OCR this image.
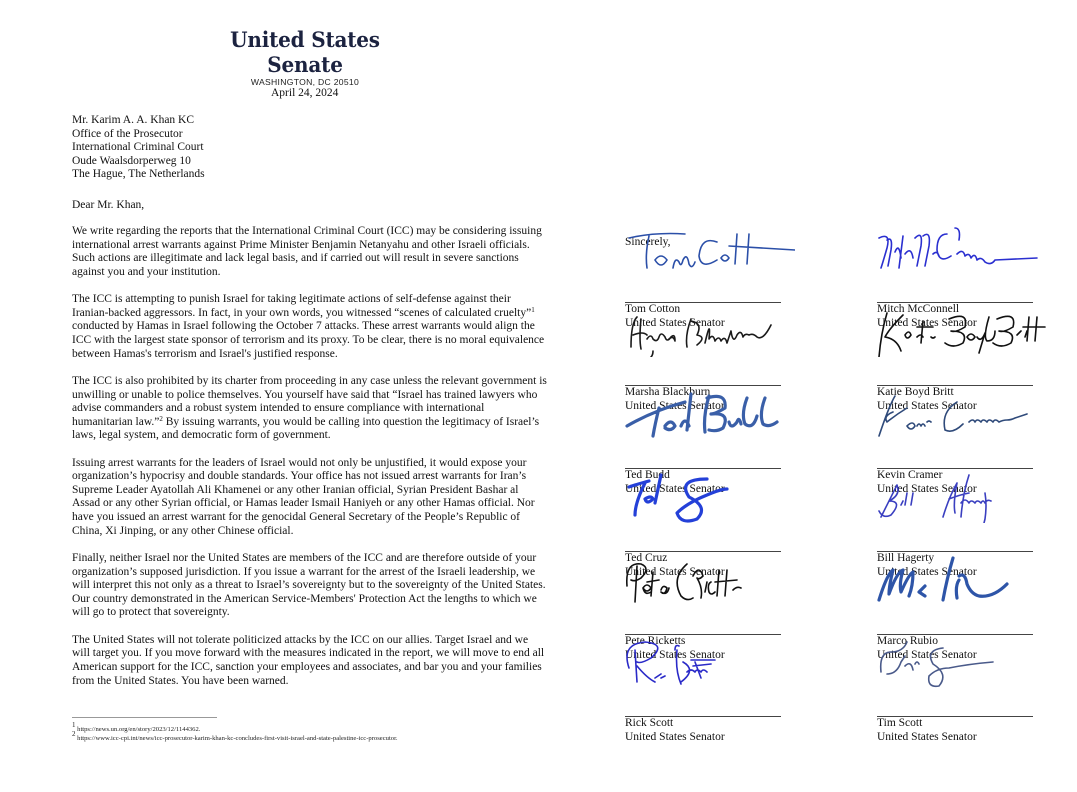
United States Senate
WASHINGTON, DC 20510
April 24, 2024
Mr. Karim A. A. Khan KC
Office of the Prosecutor
International Criminal Court
Oude Waalsdorperweg 10
The Hague, The Netherlands
Dear Mr. Khan,

We write regarding the reports that the International Criminal Court (ICC) may be considering issuing international arrest warrants against Prime Minister Benjamin Netanyahu and other Israeli officials. Such actions are illegitimate and lack legal basis, and if carried out will result in severe sanctions against you and your institution.

The ICC is attempting to punish Israel for taking legitimate actions of self-defense against their Iranian-backed aggressors. In fact, in your own words, you witnessed “scenes of calculated cruelty”$^1$ conducted by Hamas in Israel following the October 7 attacks. These arrest warrants would align the ICC with the largest state sponsor of terrorism and its proxy. To be clear, there is no moral equivalence between Hamas's terrorism and Israel's justified response.

The ICC is also prohibited by its charter from proceeding in any case unless the relevant government is unwilling or unable to police themselves. You yourself have said that “Israel has trained lawyers who advise commanders and a robust system intended to ensure compliance with international humanitarian law.”$^2$ By issuing warrants, you would be calling into question the legitimacy of Israel’s laws, legal system, and democratic form of government.

Issuing arrest warrants for the leaders of Israel would not only be unjustified, it would expose your organization’s hypocrisy and double standards. Your office has not issued arrest warrants for Iran’s Supreme Leader Ayatollah Ali Khamenei or any other Iranian official, Syrian President Bashar al Assad or any other Syrian official, or Hamas leader Ismail Haniyeh or any other Hamas official. Nor have you issued an arrest warrant for the genocidal General Secretary of the People’s Republic of China, Xi Jinping, or any other Chinese official.

Finally, neither Israel nor the United States are members of the ICC and are therefore outside of your organization’s supposed jurisdiction. If you issue a warrant for the arrest of the Israeli leadership, we will interpret this not only as a threat to Israel’s sovereignty but to the sovereignty of the United States. Our country demonstrated in the American Service-Members' Protection Act the lengths to which we will go to protect that sovereignty.

The United States will not tolerate politicized attacks by the ICC on our allies. Target Israel and we will target you. If you move forward with the measures indicated in the report, we will move to end all American support for the ICC, sanction your employees and associates, and bar you and your families from the United States. You have been warned.

$^1$ https://news.un.org/en/story/2023/12/1144362.
$^2$ https://www.icc-cpi.int/news/icc-prosecutor-karim-khan-kc-concludes-first-visit-israel-and-state-palestine-icc-prosecutor.
Sincerely,
Tom Cotton
United States Senator
Mitch McConnell
United States Senator
Marsha Blackburn
United States Senator
Katie Boyd Britt
United States Senator
Ted Budd
United States Senator
Kevin Cramer
United States Senator
Ted Cruz
United States Senator
Bill Hagerty
United States Senator
Pete Ricketts
United States Senator
Marco Rubio
United States Senator
Rick Scott
United States Senator
Tim Scott
United States Senator
